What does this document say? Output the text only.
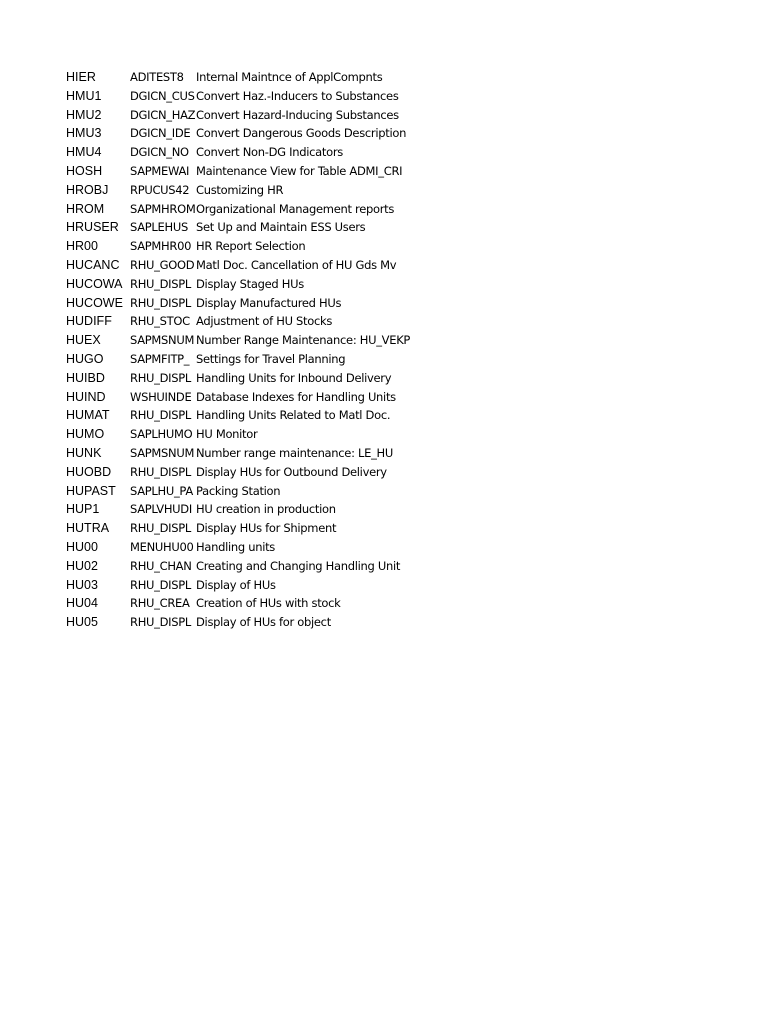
HIER	ADITEST8	Internal Maintnce of ApplCompnts
HMU1	DGICN_CUS Convert Haz.-Inducers to Substances
HMU2	DGICN_HAZ Convert Hazard-Inducing Substances
HMU3	DGICN_IDE Convert Dangerous Goods Description
HMU4	DGICN_NO Convert Non-DG Indicators
HOSH	SAPMEWAI Maintenance View for Table ADMI_CRI
HROBJ	RPUCUS42 Customizing HR
HROM	SAPMHROM Organizational Management reports
HRUSER SAPLEHUS Set Up and Maintain ESS Users
HR00	SAPMHR00 HR Report Selection
HUCANC RHU_GOOD Matl Doc. Cancellation of HU Gds Mv
HUCOWA RHU_DISPL Display Staged HUs
HUCOWE RHU_DISPL Display Manufactured HUs
HUDIFF	RHU_STOC Adjustment of HU Stocks
HUEX	SAPMSNUM Number Range Maintenance: HU_VEKP
HUGO	SAPMFITP_ Settings for Travel Planning
HUIBD	RHU_DISPL Handling Units for Inbound Delivery
HUIND	WSHUINDE Database Indexes for Handling Units
HUMAT	RHU_DISPL Handling Units Related to Matl Doc.
HUMO	SAPLHUMO HU Monitor
HUNK	SAPMSNUM Number range maintenance: LE_HU
HUOBD	RHU_DISPL Display HUs for Outbound Delivery
HUPAST	SAPLHU_PA Packing Station
HUP1	SAPLVHUDI HU creation in production
HUTRA	RHU_DISPL Display HUs for Shipment
HU00	MENUHU00 Handling units
HU02	RHU_CHAN Creating and Changing Handling Unit
HU03	RHU_DISPL Display of HUs
HU04	RHU_CREA Creation of HUs with stock
HU05	RHU_DISPL Display of HUs for object
